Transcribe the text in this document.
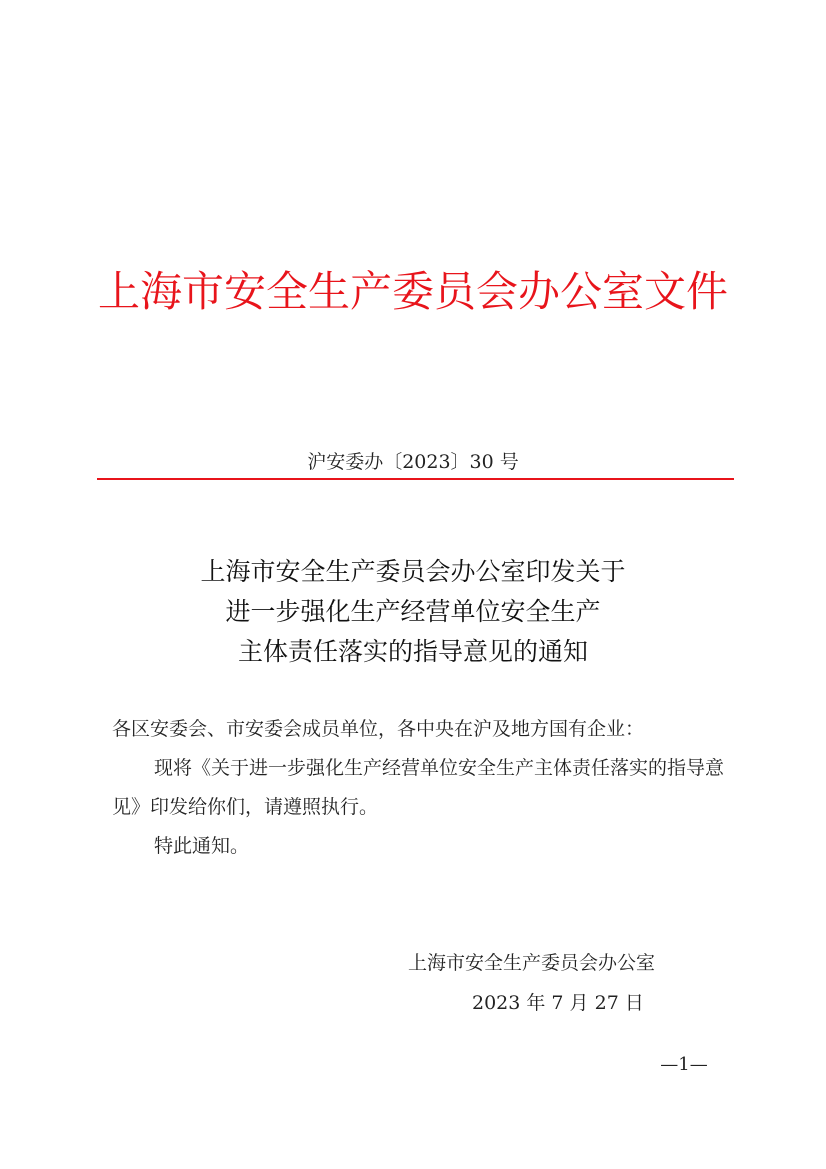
上海市安全生产委员会办公室文件
沪安委办〔2023〕30 号
上海市安全生产委员会办公室印发关于
进一步强化生产经营单位安全生产
主体责任落实的指导意见的通知

各区安委会、市安委会成员单位，各中央在沪及地方国有企业：

现将《关于进一步强化生产经营单位安全生产主体责任落实的指导意见》印发给你们，请遵照执行。

特此通知。

上海市安全生产委员会办公室
2023 年 7 月 27 日
—1—
